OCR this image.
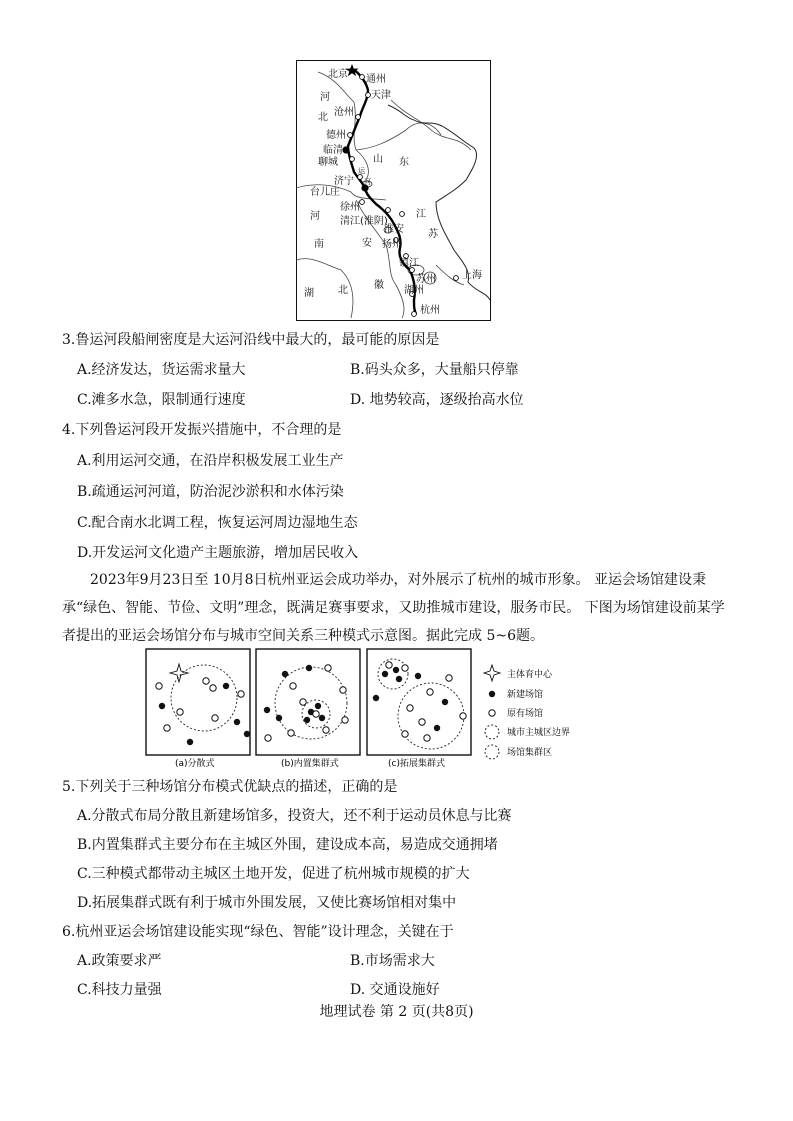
北京 通州
天津
河
沧州
北
德州
临清
聊城	山 东
济宁
运
河
台儿庄
徐州
河 清江(淮阴)
江
淮安 苏
南	安 扬州
镇江
徽
苏州	上海
湖州
湖 北
杭州
3.鲁运河段船闸密度是大运河沿线中最大的，最可能的原因是
A.经济发达，货运需求量大	B.码头众多，大量船只停靠
C.滩多水急，限制通行速度	D. 地势较高，逐级抬高水位
4.下列鲁运河段开发振兴措施中，不合理的是
A.利用运河交通，在沿岸积极发展工业生产
B.疏通运河河道，防治泥沙淤积和水体污染
C.配合南水北调工程，恢复运河周边湿地生态
D.开发运河文化遗产主题旅游，增加居民收入
2023年9月23日至 10月8日杭州亚运会成功举办，对外展示了杭州的城市形象。 亚运会场馆建设秉承“绿色、智能、节俭、文明”理念，既满足赛事要求，又助推城市建设，服务市民。 下图为场馆建设前某学者提出的亚运会场馆分布与城市空间关系三种模式示意图。据此完成 5~6题。
(a)分散式	(b)内置集群式	(c)拓展集群式
主体育中心
新建场馆
原有场馆
城市主城区边界
场馆集群区
5.下列关于三种场馆分布模式优缺点的描述，正确的是
A.分散式布局分散且新建场馆多，投资大，还不利于运动员休息与比赛
B.内置集群式主要分布在主城区外围，建设成本高，易造成交通拥堵
C.三种模式都带动主城区土地开发，促进了杭州城市规模的扩大
D.拓展集群式既有利于城市外围发展，又使比赛场馆相对集中
6.杭州亚运会场馆建设能实现“绿色、智能”设计理念，关键在于
A.政策要求严	B.市场需求大
C.科技力量强	D. 交通设施好
地理试卷 第 2 页(共8页)
